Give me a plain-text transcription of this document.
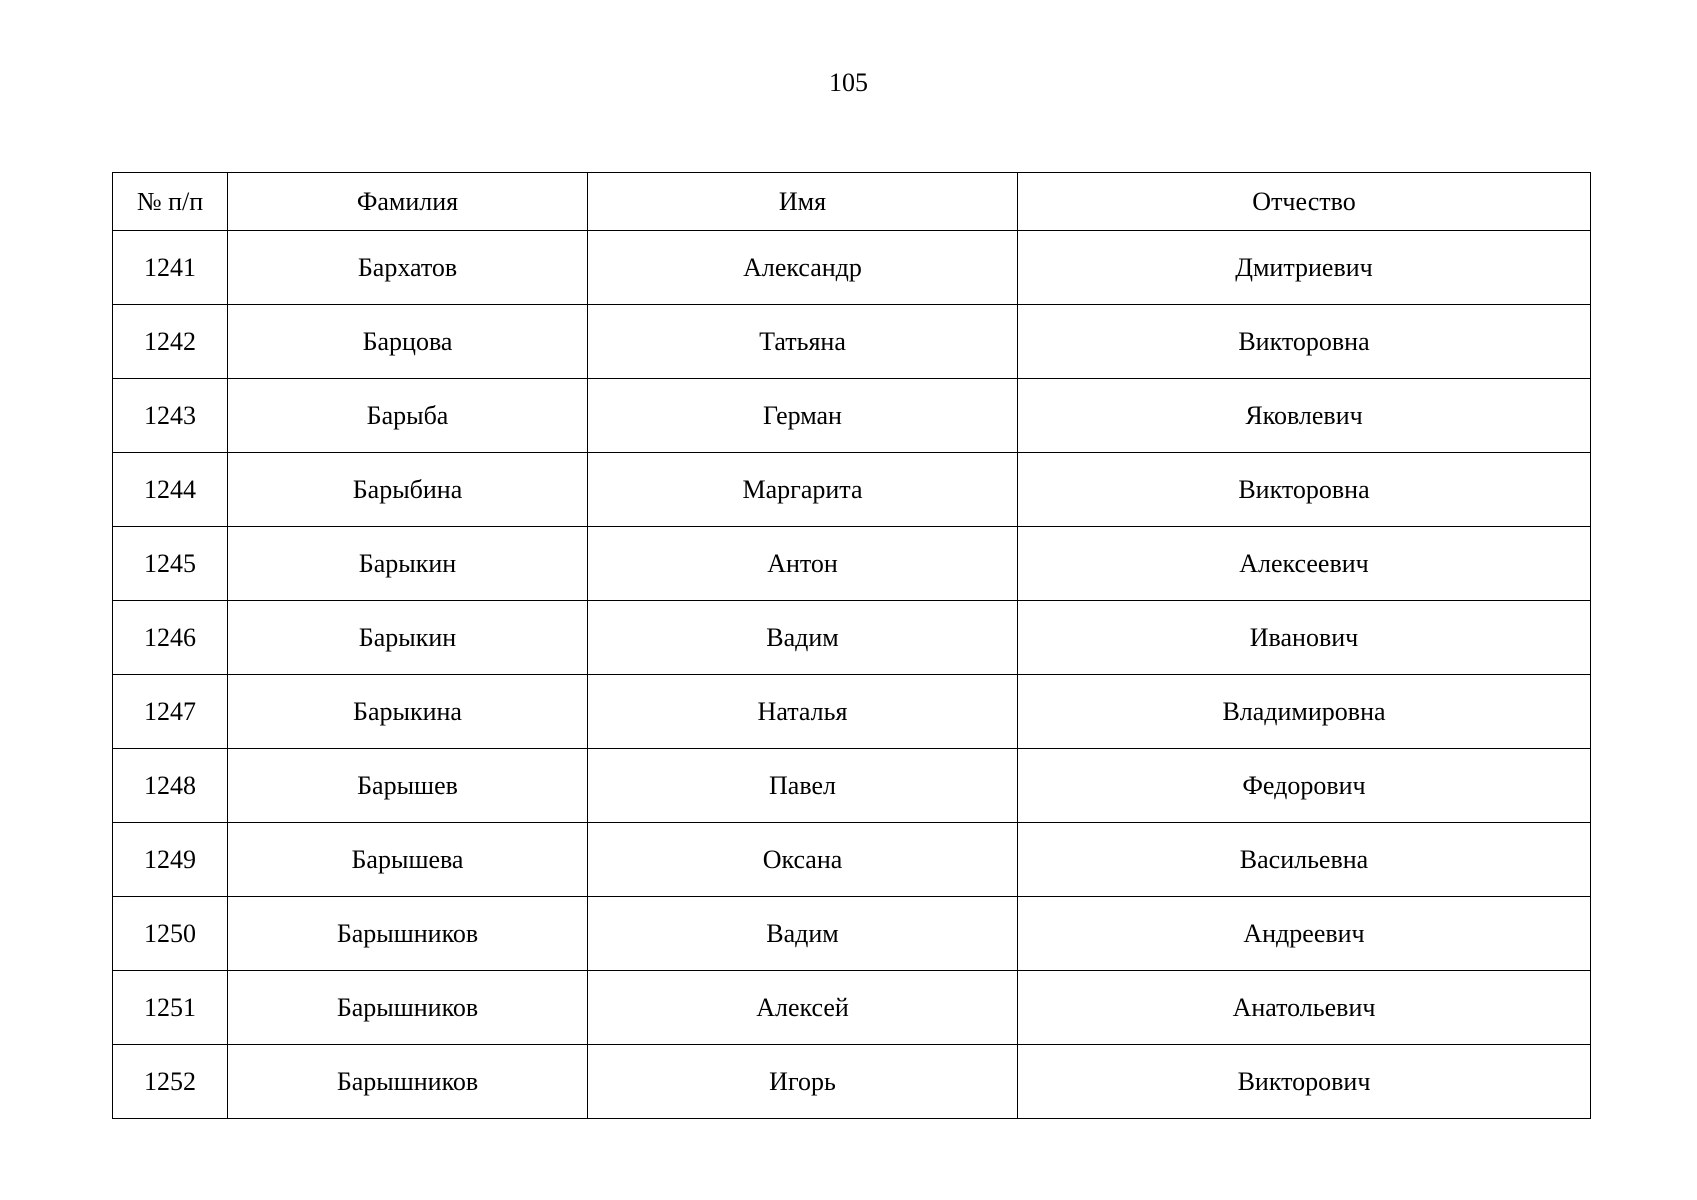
105
№ п/п	Фамилия	Имя	Отчество
1241	Бархатов	Александр	Дмитриевич
1242	Барцова	Татьяна	Викторовна
1243	Барыба	Герман	Яковлевич
1244	Барыбина	Маргарита	Викторовна
1245	Барыкин	Антон	Алексеевич
1246	Барыкин	Вадим	Иванович
1247	Барыкина	Наталья	Владимировна
1248	Барышев	Павел	Федорович
1249	Барышева	Оксана	Васильевна
1250	Барышников	Вадим	Андреевич
1251	Барышников	Алексей	Анатольевич
1252	Барышников	Игорь	Викторович
